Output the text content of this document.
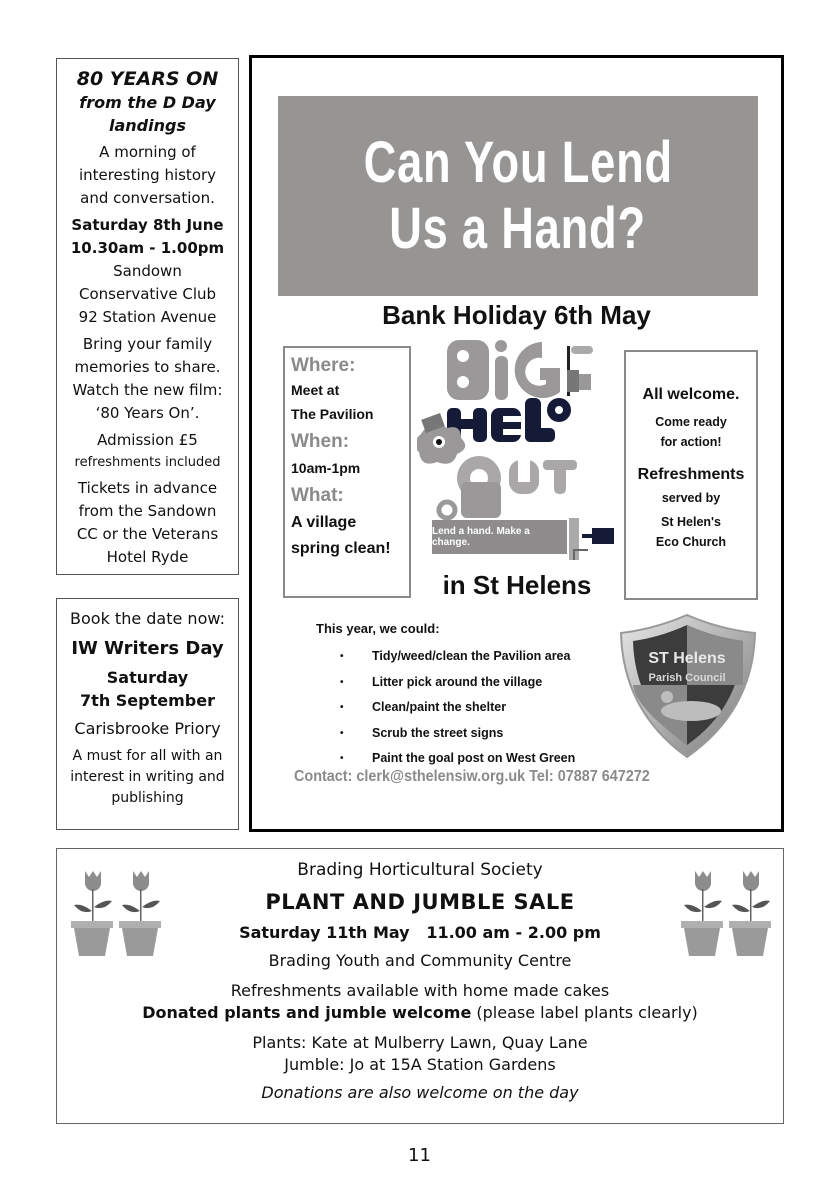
80 YEARS ON
from the D Day
landings
A morning of
interesting history
and conversation.
Saturday 8th June
10.30am - 1.00pm
Sandown
Conservative Club
92 Station Avenue
Bring your family
memories to share.
Watch the new film:
‘80 Years On’.
Admission £5
refreshments included
Tickets in advance
from the Sandown
CC or the Veterans
Hotel Ryde
Book the date now:
IW Writers Day
Saturday
7th September
Carisbrooke Priory
A must for all with an
interest in writing and
publishing
Can You Lend
Us a Hand?
Bank Holiday 6th May
Where:
Meet at
The Pavilion
When:
10am-1pm
What:
A village
spring clean!
Lend a hand. Make a change.
in St Helens
All welcome.
Come ready
for action!
Refreshments
served by
St Helen's
Eco Church
This year, we could:
•	Tidy/weed/clean the Pavilion area
•	Litter pick around the village
•	Clean/paint the shelter
•	Scrub the street signs
•	Paint the goal post on West Green
ST Helens
Parish Council
Contact: clerk@sthelensiw.org.uk Tel: 07887 647272
Brading Horticultural Society
PLANT AND JUMBLE SALE
Saturday 11th May   11.00 am - 2.00 pm
Brading Youth and Community Centre
Refreshments available with home made cakes
Donated plants and jumble welcome (please label plants clearly)
Plants: Kate at Mulberry Lawn, Quay Lane
Jumble: Jo at 15A Station Gardens
Donations are also welcome on the day
11
